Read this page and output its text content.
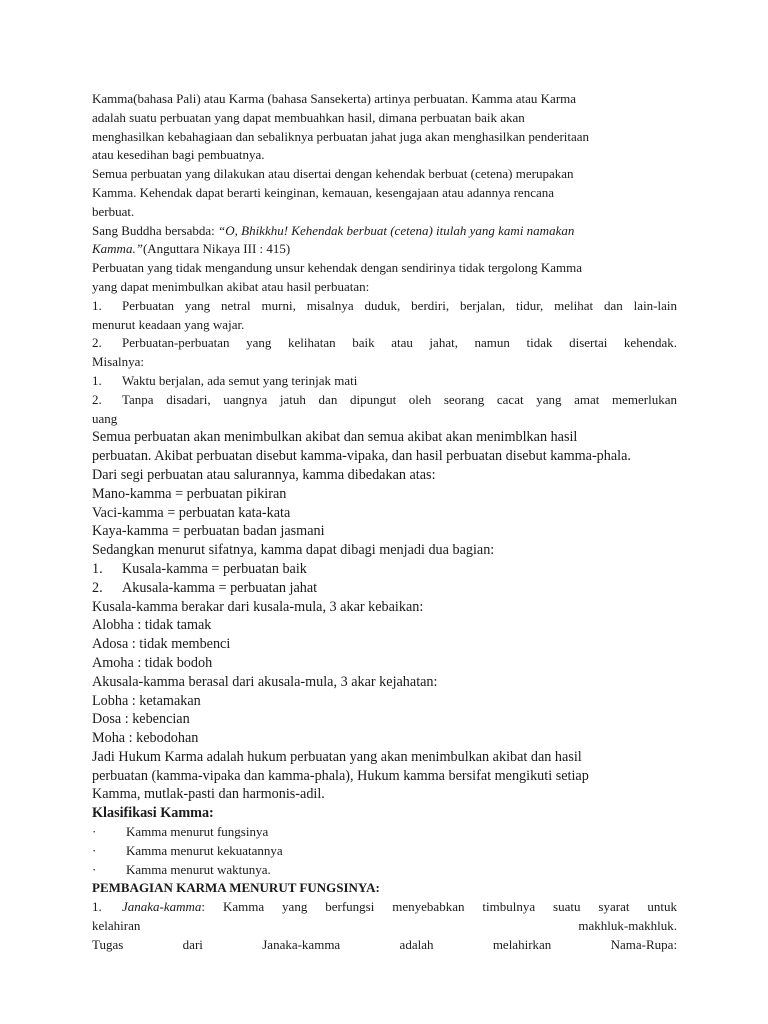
Kamma(bahasa Pali) atau Karma (bahasa Sansekerta) artinya perbuatan. Kamma atau Karma
adalah suatu perbuatan yang dapat membuahkan hasil, dimana perbuatan baik akan
menghasilkan kebahagiaan dan sebaliknya perbuatan jahat juga akan menghasilkan penderitaan
atau kesedihan bagi pembuatnya.
Semua perbuatan yang dilakukan atau disertai dengan kehendak berbuat (cetena) merupakan
Kamma. Kehendak dapat berarti keinginan, kemauan, kesengajaan atau adannya rencana
berbuat.
Sang Buddha bersabda: “O, Bhikkhu! Kehendak berbuat (cetena) itulah yang kami namakan
Kamma.”(Anguttara Nikaya III : 415)
Perbuatan yang tidak mengandung unsur kehendak dengan sendirinya tidak tergolong Kamma
yang dapat menimbulkan akibat atau hasil perbuatan:
1. Perbuatan yang netral murni, misalnya duduk, berdiri, berjalan, tidur, melihat dan lain-lain
menurut keadaan yang wajar.
2. Perbuatan-perbuatan yang kelihatan baik atau jahat, namun tidak disertai kehendak.
Misalnya:
1. Waktu berjalan, ada semut yang terinjak mati
2. Tanpa disadari, uangnya jatuh dan dipungut oleh seorang cacat yang amat memerlukan
uang
Semua perbuatan akan menimbulkan akibat dan semua akibat akan menimblkan hasil
perbuatan. Akibat perbuatan disebut kamma-vipaka, dan hasil perbuatan disebut kamma-phala.
Dari segi perbuatan atau salurannya, kamma dibedakan atas:
Mano-kamma = perbuatan pikiran
Vaci-kamma = perbuatan kata-kata
Kaya-kamma = perbuatan badan jasmani
Sedangkan menurut sifatnya, kamma dapat dibagi menjadi dua bagian:
1. Kusala-kamma = perbuatan baik
2. Akusala-kamma = perbuatan jahat
Kusala-kamma berakar dari kusala-mula, 3 akar kebaikan:
Alobha : tidak tamak
Adosa : tidak membenci
Amoha : tidak bodoh
Akusala-kamma berasal dari akusala-mula, 3 akar kejahatan:
Lobha : ketamakan
Dosa : kebencian
Moha : kebodohan
Jadi Hukum Karma adalah hukum perbuatan yang akan menimbulkan akibat dan hasil
perbuatan (kamma-vipaka dan kamma-phala), Hukum kamma bersifat mengikuti setiap
Kamma, mutlak-pasti dan harmonis-adil.
Klasifikasi Kamma:
· Kamma menurut fungsinya
· Kamma menurut kekuatannya
· Kamma menurut waktunya.
PEMBAGIAN KARMA MENURUT FUNGSINYA:
1. Janaka-kamma: Kamma yang berfungsi menyebabkan timbulnya suatu syarat untuk
kelahiran	makhluk-makhluk.
Tugas	dari	Janaka-kamma	adalah	melahirkan	Nama-Rupa:
